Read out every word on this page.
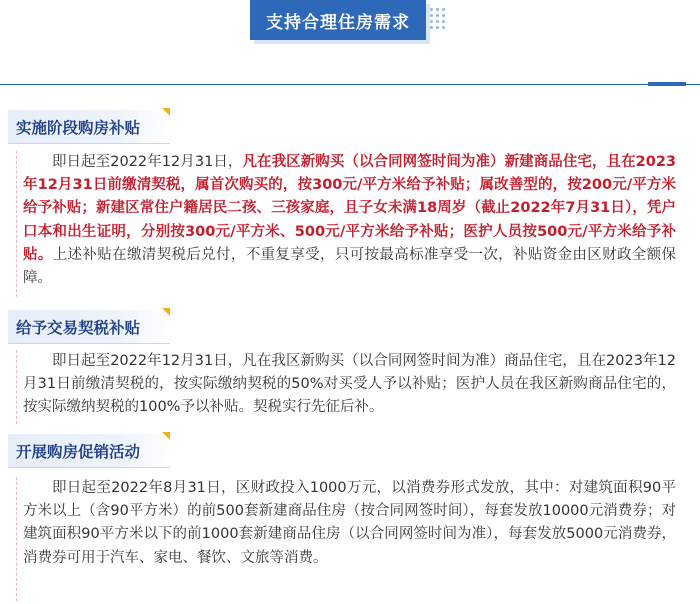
支持合理住房需求
实施阶段购房补贴
即日起至2022年12月31日，凡在我区新购买（以合同网签时间为准）新建商品住宅，且在2023年12月31日前缴清契税，属首次购买的，按300元/平方米给予补贴；属改善型的，按200元/平方米给予补贴；新建区常住户籍居民二孩、三孩家庭，且子女未满18周岁（截止2022年7月31日），凭户口本和出生证明，分别按300元/平方米、500元/平方米给予补贴；医护人员按500元/平方米给予补贴。上述补贴在缴清契税后兑付，不重复享受，只可按最高标准享受一次，补贴资金由区财政全额保障。
给予交易契税补贴
即日起至2022年12月31日，凡在我区新购买（以合同网签时间为准）商品住宅，且在2023年12月31日前缴清契税的，按实际缴纳契税的50%对买受人予以补贴；医护人员在我区新购商品住宅的，按实际缴纳契税的100%予以补贴。契税实行先征后补。
开展购房促销活动
即日起至2022年8月31日，区财政投入1000万元，以消费券形式发放，其中：对建筑面积90平方米以上（含90平方米）的前500套新建商品住房（按合同网签时间），每套发放10000元消费券；对建筑面积90平方米以下的前1000套新建商品住房（以合同网签时间为准），每套发放5000元消费券，消费券可用于汽车、家电、餐饮、文旅等消费。
